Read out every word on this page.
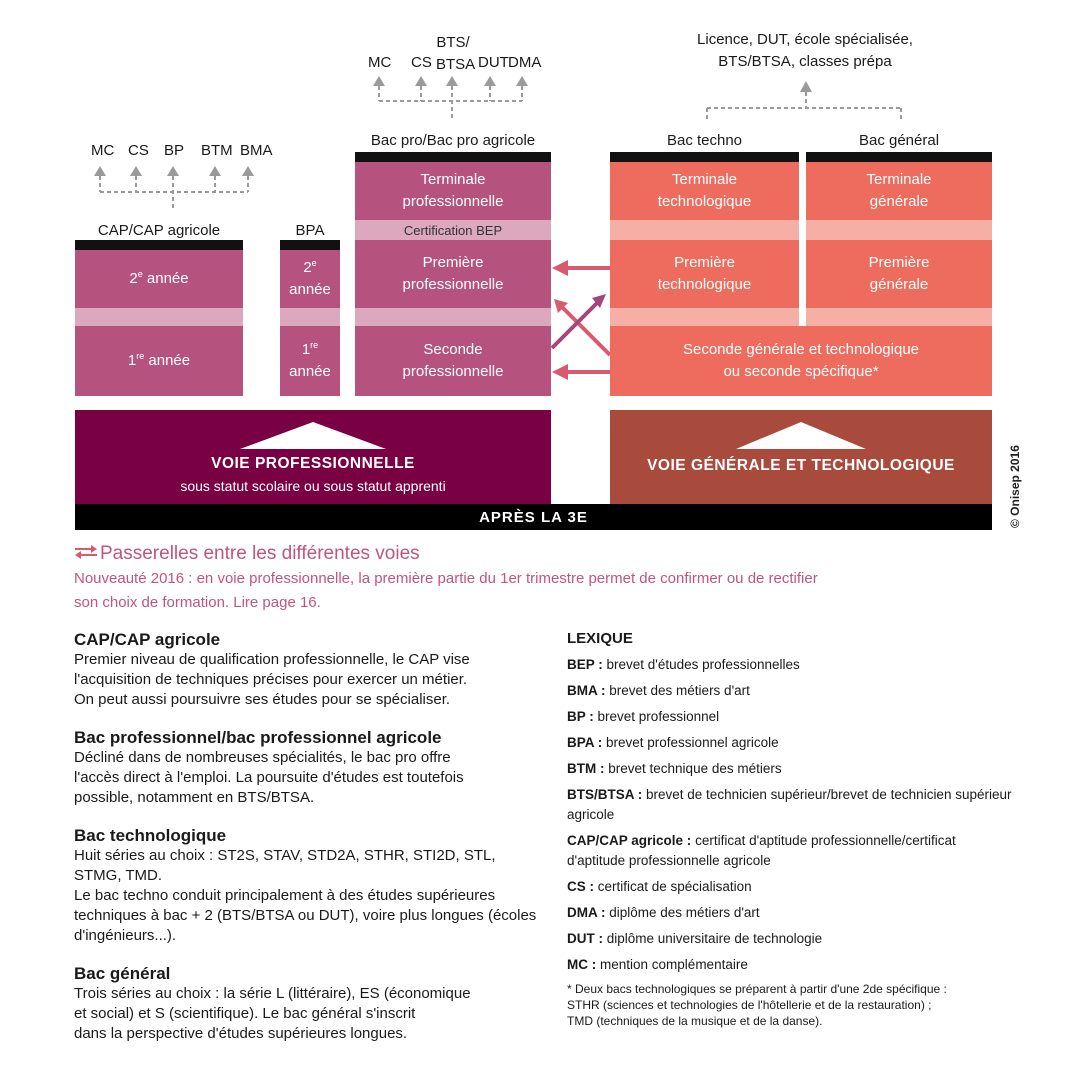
MC CS BP BTM BMA
MC CS
BTS/
BTSA DUT DMA
Licence, DUT, école spécialisée,
BTS/BTSA, classes prépa
CAP/CAP agricole	BPA
Bac pro/Bac pro agricole	Bac techno	Bac général
2e année
1re année
2e
année
1re
année
Terminale professionnelle
Certification BEP
Première professionnelle
Seconde professionnelle
Terminale technologique
Première technologique
Terminale générale
Première générale
Seconde générale et technologique
ou seconde spécifique*
VOIE PROFESSIONNELLE
sous statut scolaire ou sous statut apprenti
VOIE GÉNÉRALE ET TECHNOLOGIQUE
APRÈS LA 3E	© Onisep 2016
Passerelles entre les différentes voies
Nouveauté 2016 : en voie professionnelle, la première partie du 1er trimestre permet de confirmer ou de rectifier
son choix de formation. Lire page 16.
CAP/CAP agricole
Premier niveau de qualification professionnelle, le CAP vise
l'acquisition de techniques précises pour exercer un métier.
On peut aussi poursuivre ses études pour se spécialiser.
Bac professionnel/bac professionnel agricole
Décliné dans de nombreuses spécialités, le bac pro offre
l'accès direct à l'emploi. La poursuite d'études est toutefois
possible, notamment en BTS/BTSA.
Bac technologique
Huit séries au choix : ST2S, STAV, STD2A, STHR, STI2D, STL, STMG, TMD.
Le bac techno conduit principalement à des études supérieures
techniques à bac + 2 (BTS/BTSA ou DUT), voire plus longues (écoles
d'ingénieurs...).
Bac général
Trois séries au choix : la série L (littéraire), ES (économique
et social) et S (scientifique). Le bac général s'inscrit
dans la perspective d'études supérieures longues.
LEXIQUE
BEP : brevet d'études professionnelles
BMA : brevet des métiers d'art
BP : brevet professionnel
BPA : brevet professionnel agricole
BTM : brevet technique des métiers
BTS/BTSA : brevet de technicien supérieur/brevet de technicien supérieur
agricole
CAP/CAP agricole : certificat d'aptitude professionnelle/certificat
d'aptitude professionnelle agricole
CS : certificat de spécialisation
DMA : diplôme des métiers d'art
DUT : diplôme universitaire de technologie
MC : mention complémentaire
* Deux bacs technologiques se préparent à partir d'une 2de spécifique :
STHR (sciences et technologies de l'hôtellerie et de la restauration) ;
TMD (techniques de la musique et de la danse).
